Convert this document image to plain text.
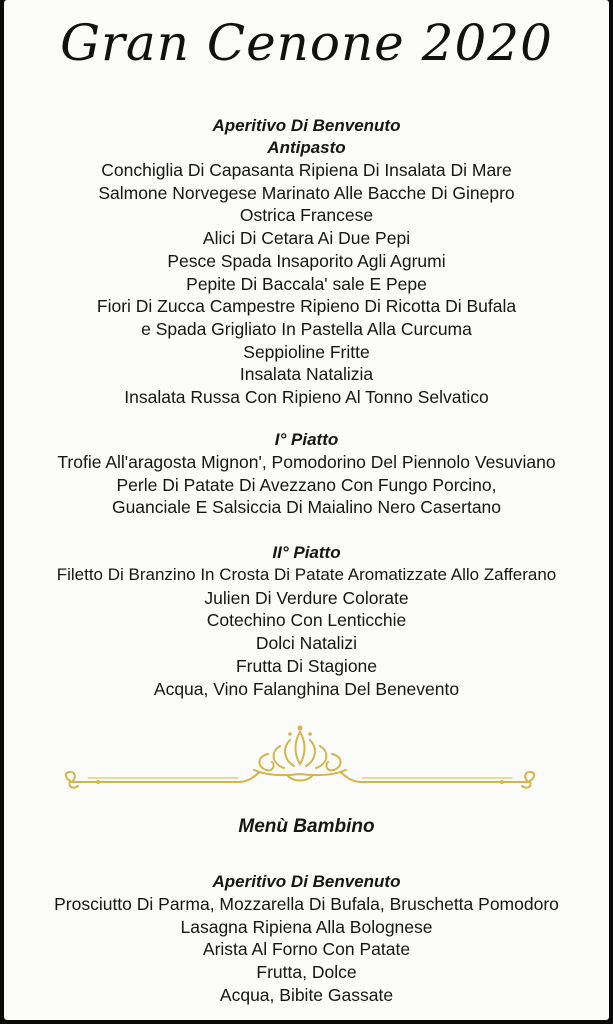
Gran Cenone 2020
Aperitivo Di Benvenuto
Antipasto
Conchiglia Di Capasanta Ripiena Di Insalata Di Mare
Salmone Norvegese Marinato Alle Bacche Di Ginepro
Ostrica Francese
Alici Di Cetara Ai Due Pepi
Pesce Spada Insaporito Agli Agrumi
Pepite Di Baccala' sale E Pepe
Fiori Di Zucca Campestre Ripieno Di Ricotta Di Bufala
e Spada Grigliato In Pastella Alla Curcuma
Seppioline Fritte
Insalata Natalizia
Insalata Russa Con Ripieno Al Tonno Selvatico
I° Piatto
Trofie All'aragosta Mignon', Pomodorino Del Piennolo Vesuviano
Perle Di Patate Di Avezzano Con Fungo Porcino,
Guanciale E Salsiccia Di Maialino Nero Casertano
II° Piatto
Filetto Di Branzino In Crosta Di Patate Aromatizzate Allo Zafferano
Julien Di Verdure Colorate
Cotechino Con Lenticchie
Dolci Natalizi
Frutta Di Stagione
Acqua, Vino Falanghina Del Benevento
Menù Bambino
Aperitivo Di Benvenuto
Prosciutto Di Parma, Mozzarella Di Bufala, Bruschetta Pomodoro
Lasagna Ripiena Alla Bolognese
Arista Al Forno Con Patate
Frutta, Dolce
Acqua, Bibite Gassate
